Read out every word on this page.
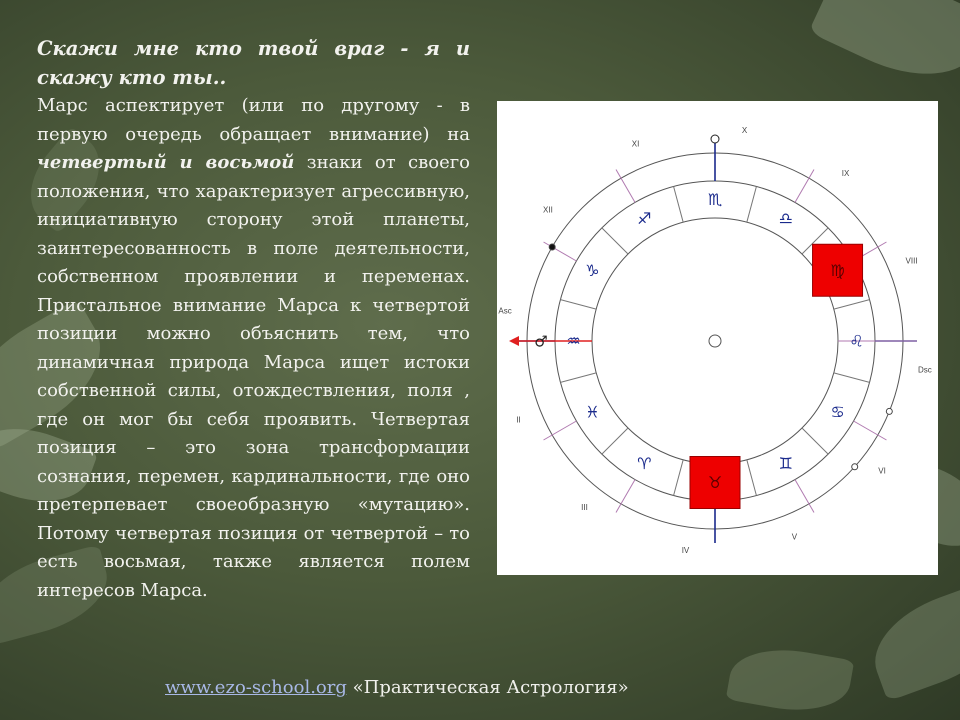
Скажи мне кто твой враг - я и скажу кто ты..

Марс аспектирует (или по другому - в первую очередь обращает внимание) на четвертый и восьмой знаки от своего положения, что характеризует агрессивную, инициативную сторону этой планеты, заинтересованность в поле деятельности, собственном проявлении и переменах. Пристальное внимание Марса к четвертой позиции можно объяснить тем, что динамичная природа Марса ищет истоки собственной силы, отождествления, поля , где он мог бы себя проявить. Четвертая позиция – это зона трансформации сознания, перемен, кардинальности, где оно претерпевает своеобразную «мутацию». Потому четвертая позиция от четвертой – то есть восьмая, также является полем интересов Марса.

X
IX
VIII
Dsc
VI
V
IV
III
II
Asc
XII
XI
♂
♏
♎
♍
♌
♋
♊
♉
♈
♓
♒
♑
♐
www.ezo-school.org «Практическая Астрология»
